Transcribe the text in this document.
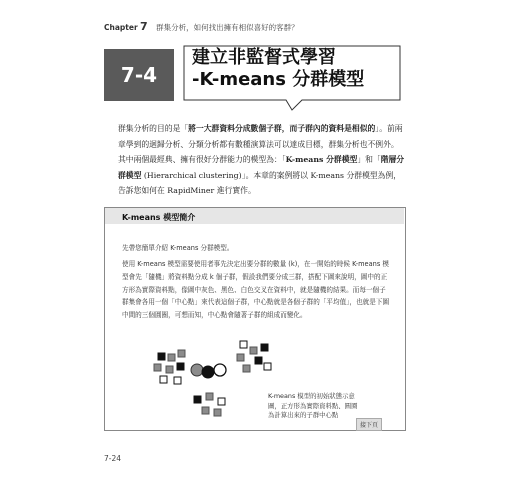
Chapter 7 群集分析，如何找出擁有相似喜好的客群？
7-4
建立非監督式學習
-K-means 分群模型
群集分析的目的是「將一大群資料分成數個子群，而子群內的資料是相似的」。前兩章學到的迴歸分析、分類分析都有數種演算法可以達成目標，群集分析也不例外。其中兩個最經典、擁有很好分群能力的模型為：「K-means 分群模型」和「階層分群模型 (Hierarchical clustering)」。本章的案例將以 K-means 分群模型為例，告訴您如何在 RapidMiner 進行實作。
K-means 模型簡介
先帶您簡單介紹 K-means 分群模型。
使用 K-means 模型需要使用者事先決定出要分群的數量 (k)，在一開始的時候 K-means 模型會先「隨機」將資料點分成 k 個子群，假設我們要分成三群，搭配下圖來說明，圖中的正方形為實際資料點，像圖中灰色、黑色、白色交叉在資料中，就是隨機的結果。而每一個子群集會各用一個「中心點」來代表這個子群，中心點就是各個子群的「平均值」，也就是下圖中間的三個圓圈，可想而知，中心點會隨著子群的組成而變化。
K-means 模型的初始狀態示意圖，正方形為實際資料點、圓圈為計算出來的子群中心點
接下頁
7-24
